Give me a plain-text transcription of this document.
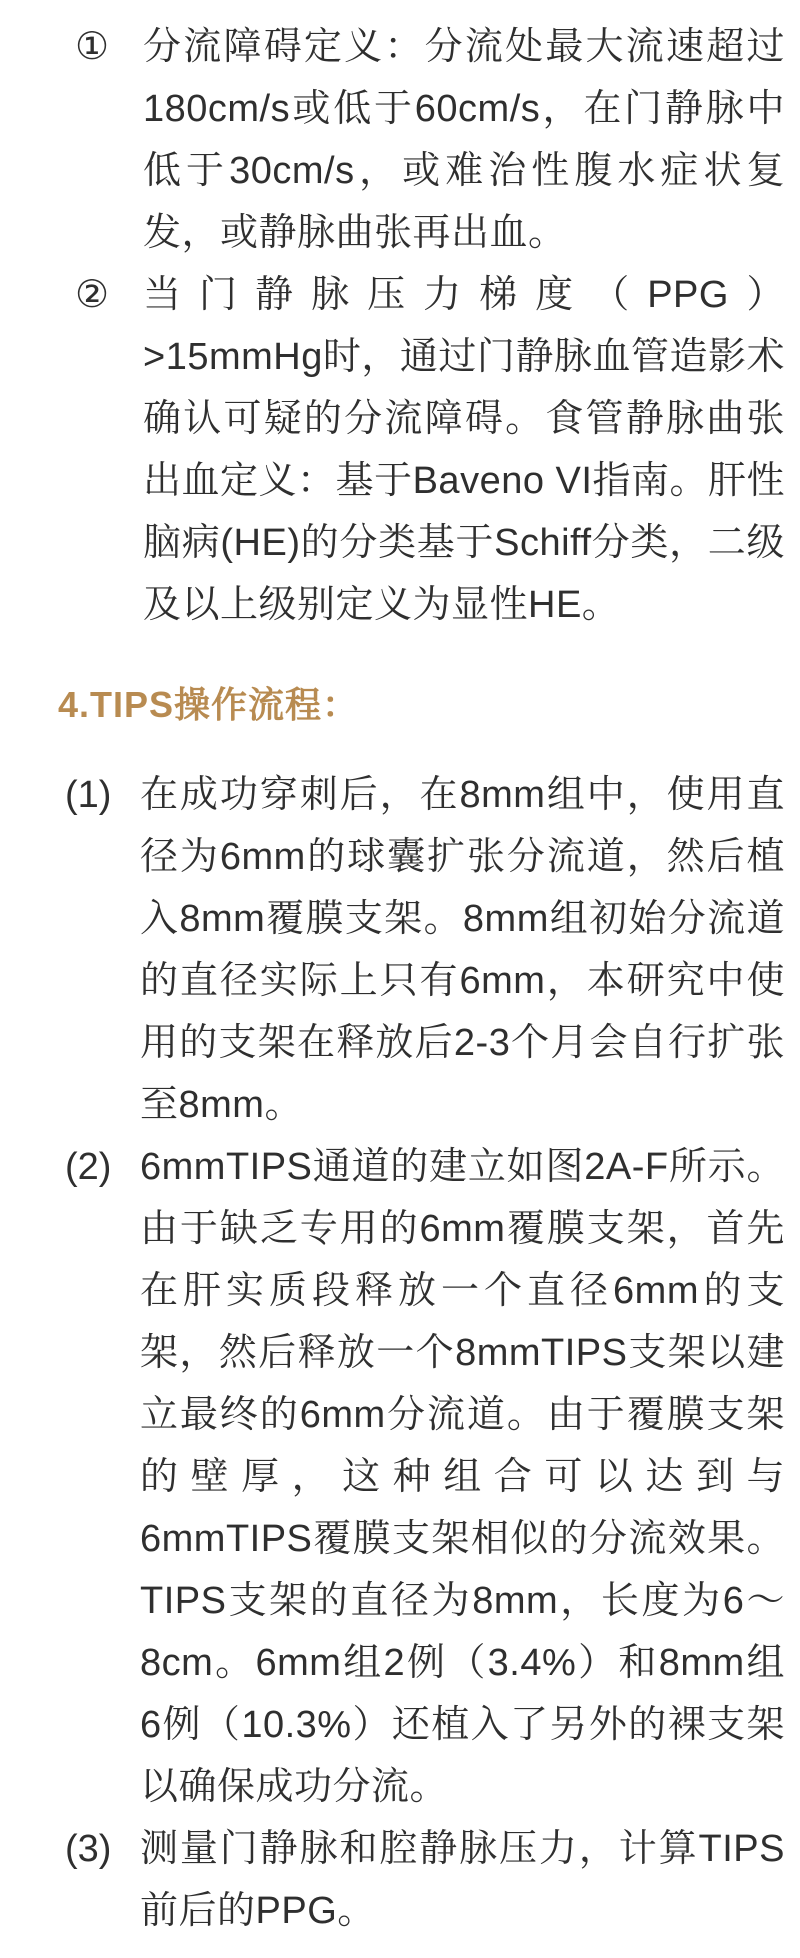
① 分流障碍定义：分流处最大流速超过180cm/s或低于60cm/s，在门静脉中低于30cm/s，或难治性腹水症状复发，或静脉曲张再出血。
② 当门静脉压力梯度（PPG）>15mmHg时，通过门静脉血管造影术确认可疑的分流障碍。食管静脉曲张出血定义：基于Baveno VI指南。肝性脑病(HE)的分类基于Schiff分类，二级及以上级别定义为显性HE。
4.TIPS操作流程：
(1) 在成功穿刺后，在8mm组中，使用直径为6mm的球囊扩张分流道，然后植入8mm覆膜支架。8mm组初始分流道的直径实际上只有6mm，本研究中使用的支架在释放后2-3个月会自行扩张至8mm。
(2) 6mmTIPS通道的建立如图2A-F所示。由于缺乏专用的6mm覆膜支架，首先在肝实质段释放一个直径6mm的支架，然后释放一个8mmTIPS支架以建立最终的6mm分流道。由于覆膜支架的壁厚，这种组合可以达到与6mmTIPS覆膜支架相似的分流效果。TIPS支架的直径为8mm，长度为6～8cm。6mm组2例（3.4%）和8mm组6例（10.3%）还植入了另外的裸支架以确保成功分流。
(3) 测量门静脉和腔静脉压力，计算TIPS前后的PPG。
